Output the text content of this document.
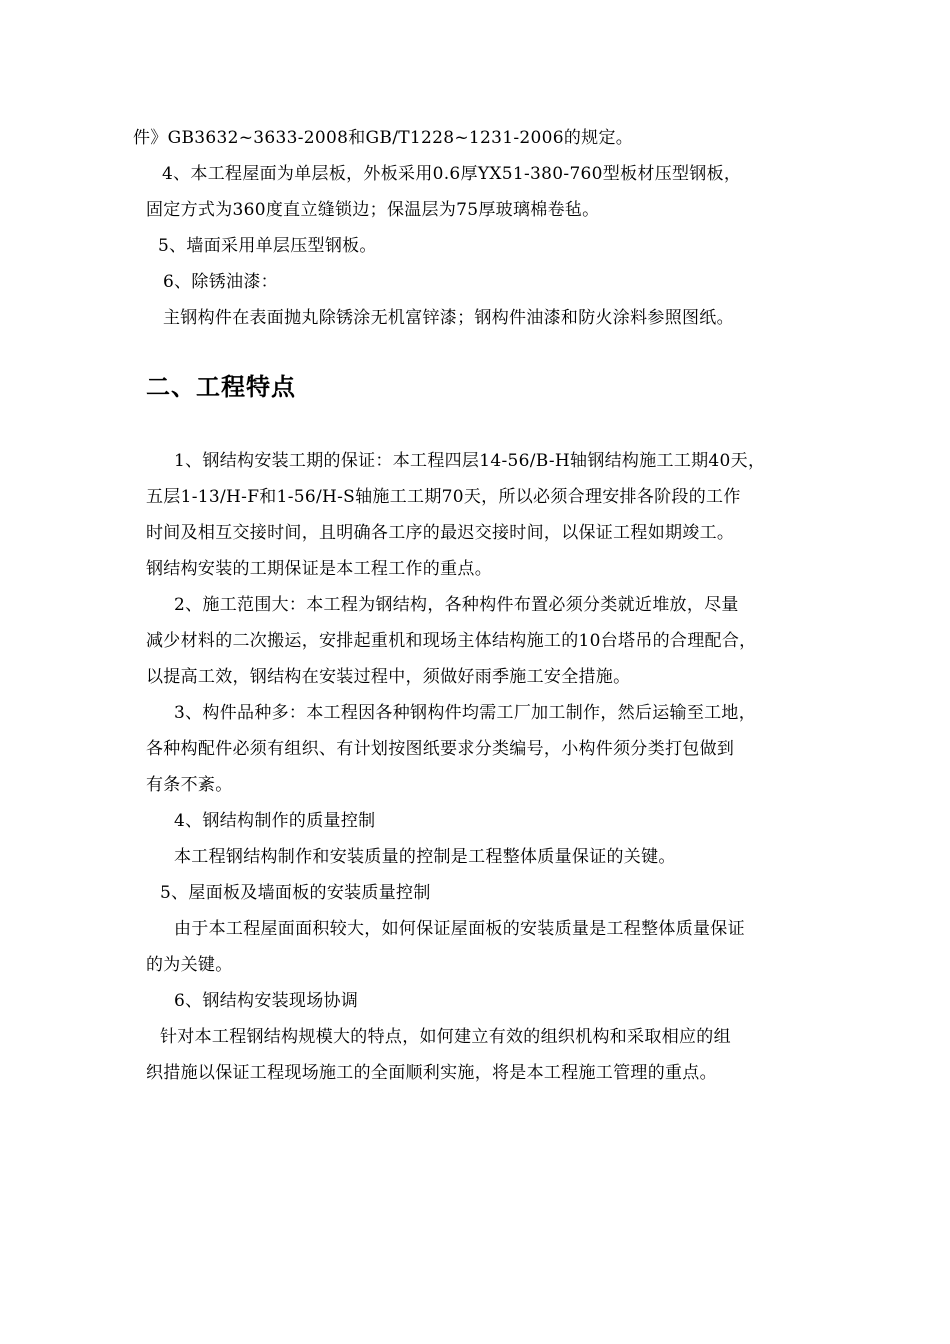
件》GB3632~3633-2008和GB/T1228~1231-2006的规定。
4、本工程屋面为单层板，外板采用0.6厚YX51-380-760型板材压型钢板，
固定方式为360度直立缝锁边；保温层为75厚玻璃棉卷毡。
5、墙面采用单层压型钢板。
6、除锈油漆：
主钢构件在表面抛丸除锈涂无机富锌漆；钢构件油漆和防火涂料参照图纸。
二、工程特点
1、钢结构安装工期的保证：本工程四层14-56/B-H轴钢结构施工工期40天，
五层1-13/H-F和1-56/H-S轴施工工期70天，所以必须合理安排各阶段的工作
时间及相互交接时间，且明确各工序的最迟交接时间，以保证工程如期竣工。
钢结构安装的工期保证是本工程工作的重点。
2、施工范围大：本工程为钢结构，各种构件布置必须分类就近堆放，尽量
减少材料的二次搬运，安排起重机和现场主体结构施工的10台塔吊的合理配合，
以提高工效，钢结构在安装过程中，须做好雨季施工安全措施。
3、构件品种多：本工程因各种钢构件均需工厂加工制作，然后运输至工地，
各种构配件必须有组织、有计划按图纸要求分类编号，小构件须分类打包做到
有条不紊。
4、钢结构制作的质量控制
本工程钢结构制作和安装质量的控制是工程整体质量保证的关键。
5、屋面板及墙面板的安装质量控制
由于本工程屋面面积较大，如何保证屋面板的安装质量是工程整体质量保证
的为关键。
6、钢结构安装现场协调
针对本工程钢结构规模大的特点，如何建立有效的组织机构和采取相应的组
织措施以保证工程现场施工的全面顺利实施，将是本工程施工管理的重点。
